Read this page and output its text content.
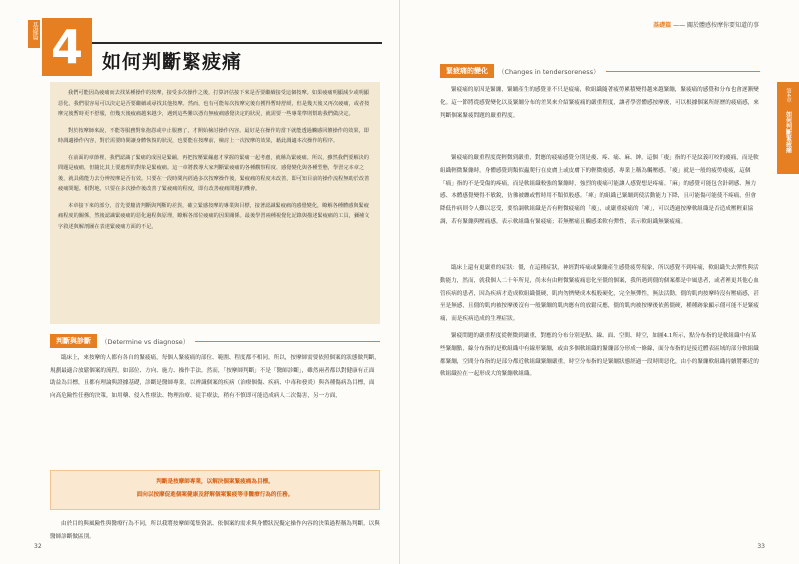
基礎篇 4	如何判斷緊疲痛

我們可能因為疲痛而去找某種操作的按摩，接受多次操作之後，打算評估接下來是否要繼續接受這個按摩。如果疲痛明顯減少或明顯惡化，我們很容易可以決定是否要繼續或尋找其他按摩。然而，也有可能每次按摩完後有獲得暫時舒緩，但是幾天後又再次疲痛，或者按摩完後暫時更不舒服，但幾天後疲痛越來越少，遇到這些難以憑有無疲痛感覺決定的狀況，就需要一些專業準則幫助我們做決定。

對於按摩師來說，不能等服務對象抱怨或中止服務了，才開始檢討操作內容。最好是在操作的當下就能透過觸感回饋操作的效果，即時調適操作內容，對於需要時間讓身體恢復的狀況，也要能在按摩前，檢討上一次按摩的效果，藉此調適本次操作的程序。

在前面的章節裡，我們認識了緊痛的成因是緊繃，再把按壓緊繃處才掌握的緊痛一起考慮，就稱為緊疲痛。所以，雖然我們要解決的問題是疲痛，但隨比其上要處理的對象是緊疲痛。這一章將教導大家判斷緊疲痛的各種觀察程度、感覺變化與各種型態，學習完本章之後，就具備能力去分辨按摩是否有效。只要在一段時間內經過多次按摩操作後，緊疲痛的程度未改善，即可知目前的操作流程無助於改善疲痛問題。相對地，只要在多次操作後改善了緊疲痛的程度，即有改善疲痛問題的機會。

本章接下來的部分，首先要釐清判斷與判斷的差異，確立緊感按摩的專業與目標，接著認識緊疲痛的感覺變化，瞭解各種體感與緊疲痛程度的關係，然後認識緊疲痛的惡化過程與原理，瞭解各部位疲痛的因果關係。最後學習兩種視覺化記錄與描述緊疲痛的工具，彌補文字敘述與解剖圖在表達緊疲痛方面的不足。

判斷與診斷	（Determine vs diagnose）

臨床上，來按摩的人都有各自的緊疲痛，每個人緊疲痛的部位、範圍、程度都不相同。所以，按摩師需要依照個案的狀態做判斷，規劃最適合放鬆個案的流程，如部位、方向、施力、操作手法。然而，「按摩師判斷」不是「醫師診斷」，雖然兩者都以對健康有正面助益為目標，且都有理論與證據基礎，診斷是醫師專業，以辨識個案的疾病（治療個傷、疾病、中毒和發炎）與各種傷病為目標，面向高危險性任務的決策，如用藥、侵入性療法、物理治療、徒手療法，稍有不慎即可能造成病人二次傷害，另一方面，

判斷是按摩師專業，以解決個案緊疲痛為目標。

面向以按摩促進個案健康及舒解個案緊疲等非醫療行為的任務。

由於目的與風險性與醫療行為不同，所以我將按摩師蒐集資訊、依個案的需求與身體狀況擬定操作內容的決策過程稱為判斷，以與醫師診斷做區別。

32
基礎篇 —— 關於體感按摩你要知道的事
第4章
如何判斷緊疲痛
緊疲痛的變化	（Changes in tendersoreness）

緊疲痛的原因是緊繃，緊繃產生的感覺並不只是疲痛，軟組織隨著疲勞累積變得越來越緊繃，緊疲痛的感覺和分布也會逐漸變化。這一節將從感覺變化以及緊繃分布的差異來介紹緊疲痛的嚴重程度，讓者學習體感按摩後，可以根據個案所經歷的疲痛感，來判斷個案緊疲問題的嚴重程度。

緊疲痛的嚴重程度從輕微到嚴重，對應的疲痛感覺分別是痠、疼、痛、麻、紳。這個「痠」指的不是紋義叮咬的痠痛，而是軟組織輕微緊繃時，身體感覺到類似蟲爬行在皮膚上或皮膚下的輕微痠感，專業上稱為觸壓感。「痠」就是一般的疲勞痠疲，這個「痛」指的不是受傷的疼痛，而是軟組織較強的緊繃時，強烈的痠痛可能讓人感覺想是疼痛。「麻」的感覺可能包含針刺感、無力感、本體感覺變得不敏銳，彷彿被纏或暫時用不類似般感。「痺」的組織已緊繃到使活動能力下降，且可能傷可能使不疼痛，但會降低作病則令人難以忍受，要恰調軟組織是否有輕微疲痛的「痠」，或嚴重疲痛的「痺」，可以透過按摩軟組織是否造成壓輕東協調，若有緊繃與壓痛感，表示軟組織有緊疲痛；若無壓痛且觸感柔軟有彈性，表示軟組織無緊疲痛。

臨床上還有更嚴重的症狀：僵，在這種症狀，神經對疼痛或緊繃產生感覺疲勞現象，所以感覺不到疼痛，軟組織失去彈性與活動能力，然而，就我個人二十年所見，尚未有由輕微緊疲痛惡化至僵的個案，我所遇到僵的個案都是中風患者，或者裡更其他心血管疾病的患者，因為疾病才造成軟組織僵硬，肌肉勿擠變成木板般硬化，完全無彈性，無法活動，僵的肌肉按摩時沒有壓痛感，甚至是無感，且僵的肌肉被按摩後沒有一般緊繃的肌肉應有的放鬆反應，僵的肌肉被按摩後依舊僵硬，種種跡象顯示僵可能不是緊疲痛，而是疾病造成的生理症狀。

緊疲問題的嚴重程度從輕微到嚴重，對應的分布分別是點、線、面、空間、時空，如圖4.1所示，點分布指的是軟組織中有某些緊繃點，線分布指的是軟組織中有線形緊繃，或由多個軟組織的緊繃部分形成一條線，面分布指的是接近體表區域的部分軟組織都緊繃，空間分布指的是部分都近軟組織緊繃嚴重，時空分布指的是緊繃狀態經過一段時間惡化，由小的緊繃軟組織持續將鄰近的軟組織拉在一起形成大的緊繃軟組織。

33
